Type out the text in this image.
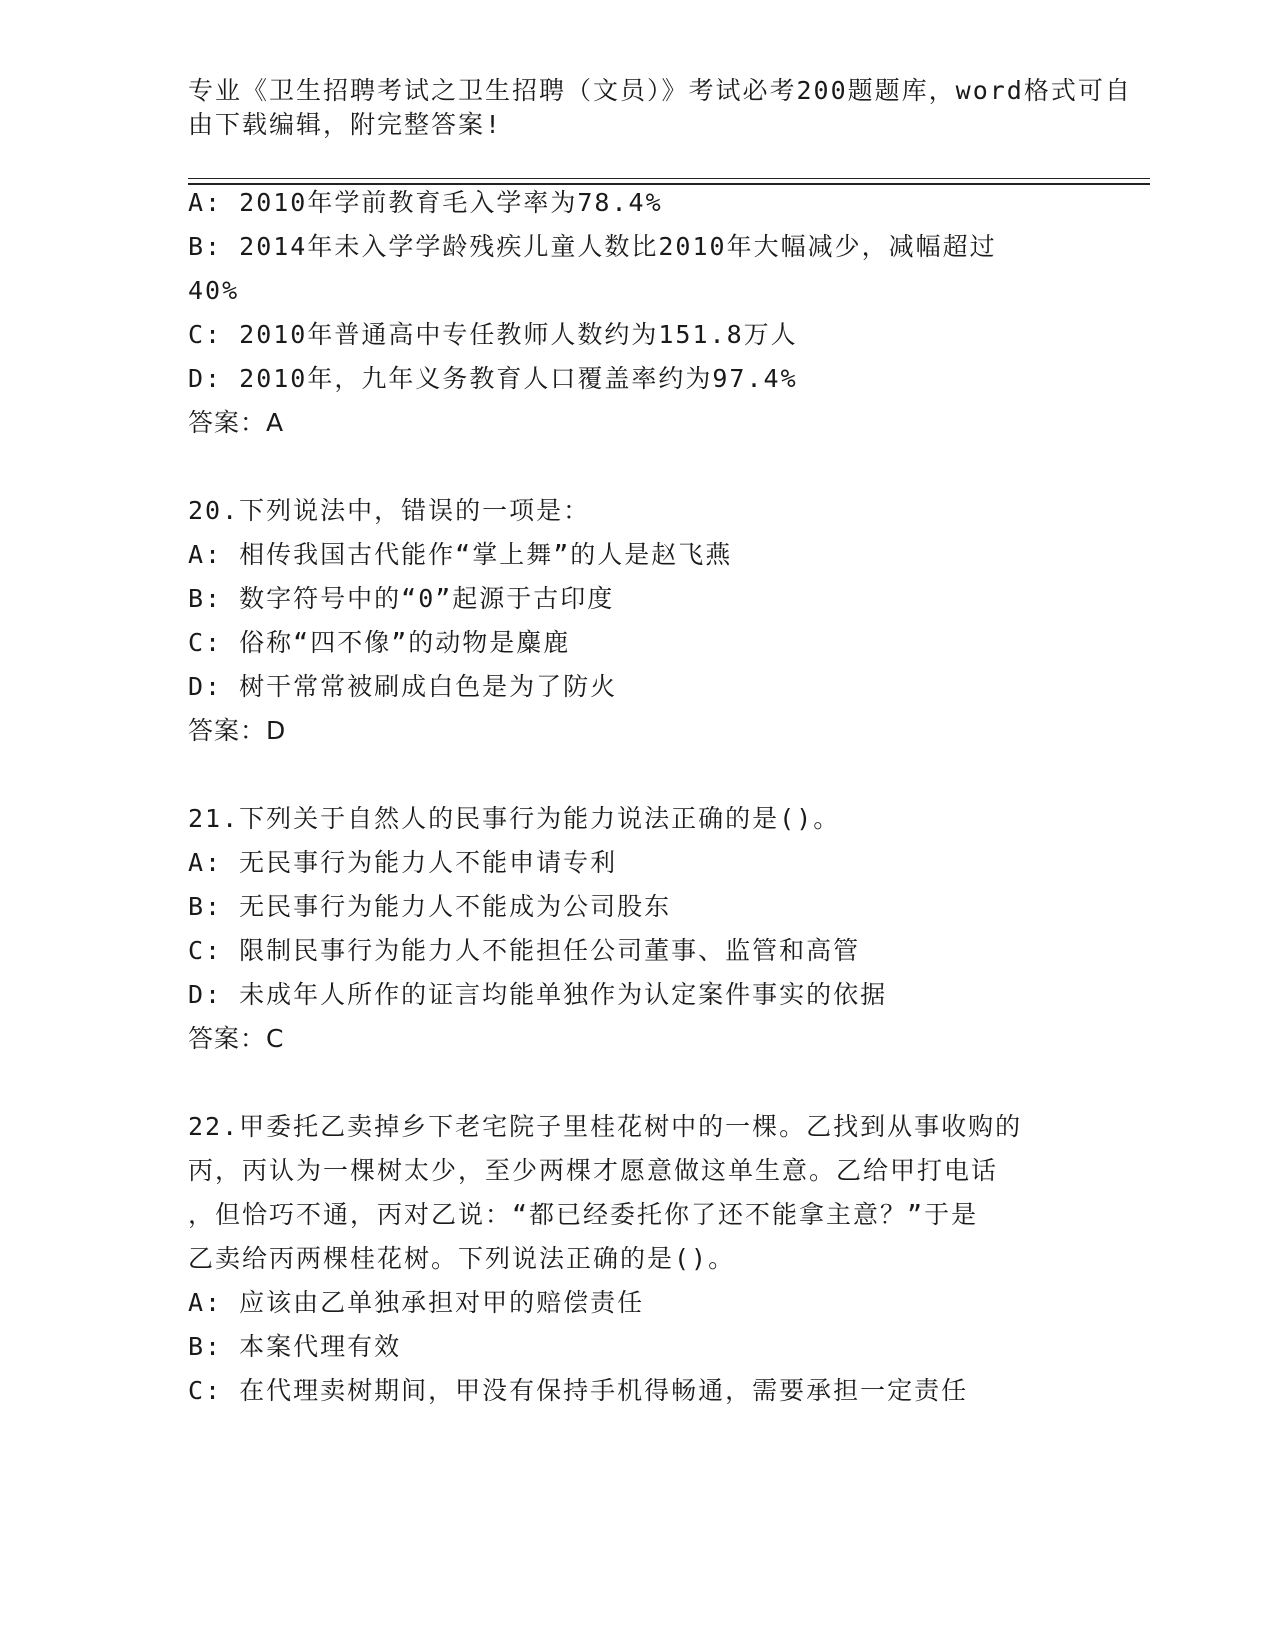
专业《卫生招聘考试之卫生招聘（文员）》考试必考200题题库，word格式可自
由下载编辑，附完整答案!
A: 2010年学前教育毛入学率为78.4%
B: 2014年未入学学龄残疾儿童人数比2010年大幅减少，减幅超过
40%
C: 2010年普通高中专任教师人数约为151.8万人
D: 2010年，九年义务教育人口覆盖率约为97.4%
答案：A
20.下列说法中，错误的一项是：
A: 相传我国古代能作“掌上舞”的人是赵飞燕
B: 数字符号中的“0”起源于古印度
C: 俗称“四不像”的动物是麋鹿
D: 树干常常被刷成白色是为了防火
答案：D
21.下列关于自然人的民事行为能力说法正确的是()。
A: 无民事行为能力人不能申请专利
B: 无民事行为能力人不能成为公司股东
C: 限制民事行为能力人不能担任公司董事、监管和高管
D: 未成年人所作的证言均能单独作为认定案件事实的依据
答案：C
22.甲委托乙卖掉乡下老宅院子里桂花树中的一棵。乙找到从事收购的
丙，丙认为一棵树太少，至少两棵才愿意做这单生意。乙给甲打电话
，但恰巧不通，丙对乙说：“都已经委托你了还不能拿主意？”于是
乙卖给丙两棵桂花树。下列说法正确的是()。
A: 应该由乙单独承担对甲的赔偿责任
B: 本案代理有效
C: 在代理卖树期间，甲没有保持手机得畅通，需要承担一定责任
